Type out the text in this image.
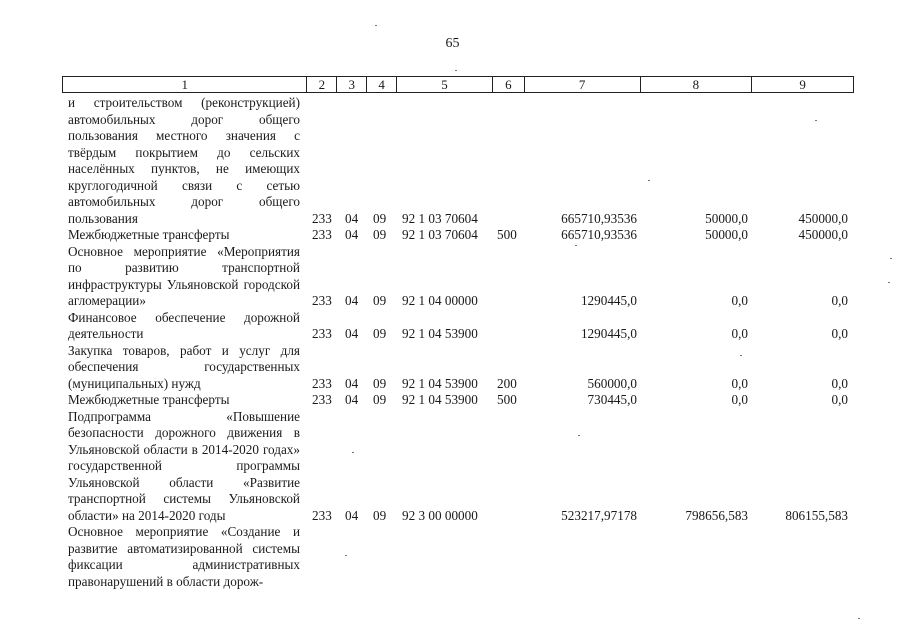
65
1	2	3	4	5	6	7	8	9
и строительством (реконструкцией) автомобильных дорог общего пользования местного значения с твёрдым покрытием до сельских населённых пунктов, не имеющих круглогодичной связи с сетью автомобильных дорог общего пользования	233 04 09 92 1 03 70604	665710,93536	50000,0	450000,0
Межбюджетные трансферты	233 04 09 92 1 03 70604 500	665710,93536	50000,0	450000,0
Основное мероприятие «Мероприятия по развитию транспортной инфраструктуры Ульяновской городской агломерации»	233 04 09 92 1 04 00000	1290445,0	0,0	0,0
Финансовое обеспечение дорожной деятельности	233 04 09 92 1 04 53900	1290445,0	0,0	0,0
Закупка товаров, работ и услуг для обеспечения государственных (муниципальных) нужд	233 04 09 92 1 04 53900 200	560000,0	0,0	0,0
Межбюджетные трансферты	233 04 09 92 1 04 53900 500	730445,0	0,0	0,0
Подпрограмма «Повышение безопасности дорожного движения в Ульяновской области в 2014-2020 годах» государственной программы Ульяновской области «Развитие транспортной системы Ульяновской области» на 2014-2020 годы	233 04 09 92 3 00 00000	523217,97178	798656,583	806155,583
Основное мероприятие «Создание и развитие автоматизированной системы фиксации административных правонарушений в области дорож-
